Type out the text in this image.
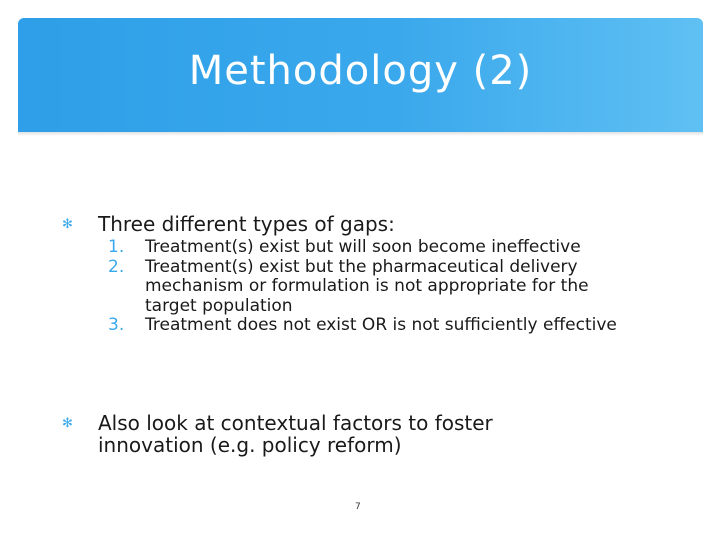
Methodology (2)
✻	Three different types of gaps:
1.	Treatment(s) exist but will soon become ineffective
2.	Treatment(s) exist but the pharmaceutical delivery mechanism or formulation is not appropriate for the target population
3.	Treatment does not exist OR is not sufficiently effective
✻	Also look at contextual factors to foster innovation (e.g. policy reform)
7
